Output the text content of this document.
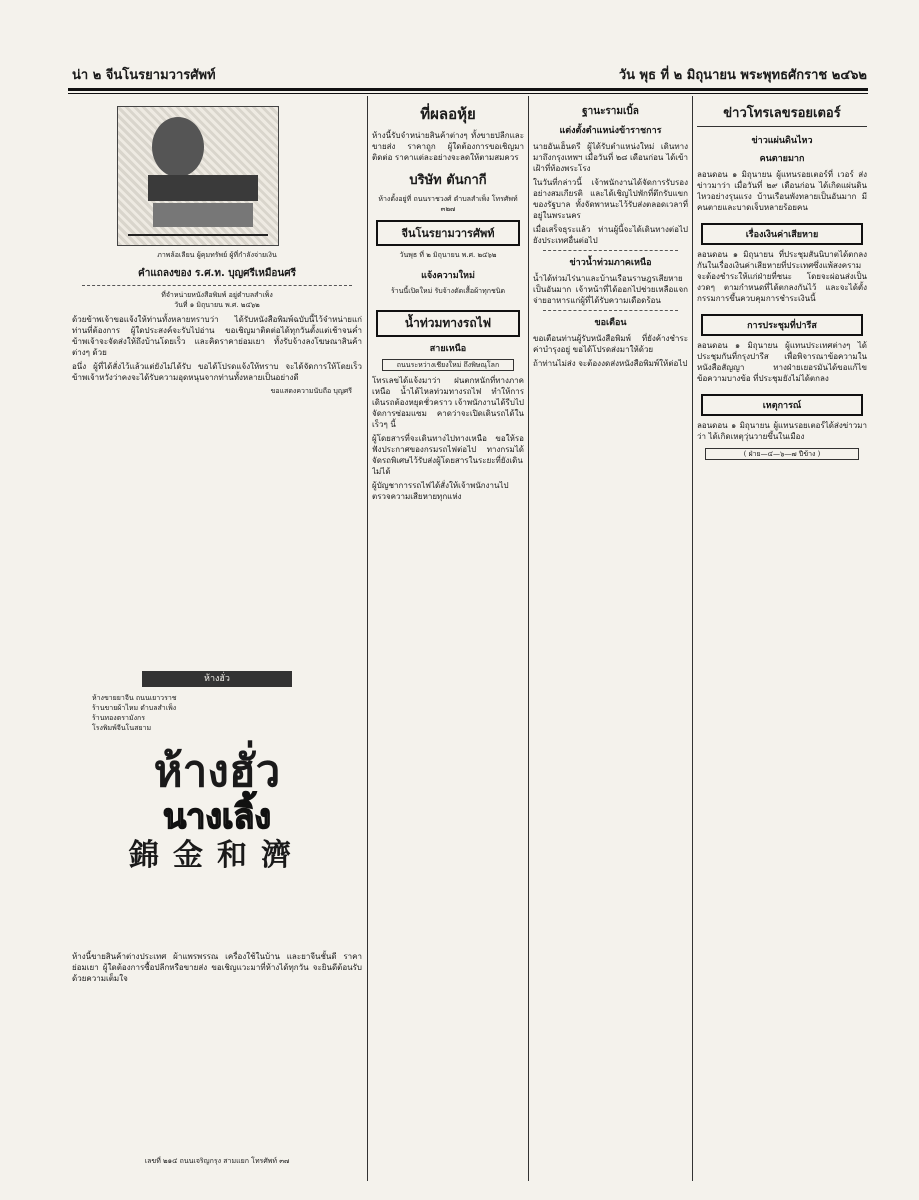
น่า ๒ จีนโนรยามวารศัพท์	วัน พุธ ที่ ๒ มิถุนายน พระพุทธศักราช ๒๔๖๒
ภาพล้อเลียน ผู้คุมทรัพย์ ผู้ที่กำลังจ่ายเงิน
คำแถลงของ ร.ศ.ท. บุญศรีเหมือนศรี
ที่จำหน่ายหนังสือพิมพ์ อยู่ตำบลสำเพ็ง
วันที่ ๑ มิถุนายน พ.ศ. ๒๔๖๒
ด้วยข้าพเจ้าขอแจ้งให้ท่านทั้งหลายทราบว่า ได้รับหนังสือพิมพ์ฉบับนี้ไว้จำหน่ายแก่ท่านที่ต้องการ ผู้ใดประสงค์จะรับไปอ่าน ขอเชิญมาติดต่อได้ทุกวันตั้งแต่เช้าจนค่ำ ข้าพเจ้าจะจัดส่งให้ถึงบ้านโดยเร็ว และคิดราคาย่อมเยา ทั้งรับจ้างลงโฆษณาสินค้าต่างๆ ด้วย
อนึ่ง ผู้ที่ได้สั่งไว้แล้วแต่ยังไม่ได้รับ ขอได้โปรดแจ้งให้ทราบ จะได้จัดการให้โดยเร็ว ข้าพเจ้าหวังว่าคงจะได้รับความอุดหนุนจากท่านทั้งหลายเป็นอย่างดี
ขอแสดงความนับถือ บุญศรี
ห้างฮั่ว
ห้างขายยาจีน ถนนเยาวราช
ร้านขายผ้าไหม ตำบลสำเพ็ง
ร้านทองตรามังกร
โรงพิมพ์จีนโนสยาม
ห้างฮั่ว
นางเลิ้ง
錦金和濟
ห้างนี้ขายสินค้าต่างประเทศ ผ้าแพรพรรณ เครื่องใช้ในบ้าน และยาจีนชั้นดี ราคาย่อมเยา ผู้ใดต้องการซื้อปลีกหรือขายส่ง ขอเชิญแวะมาที่ห้างได้ทุกวัน จะยินดีต้อนรับด้วยความเต็มใจ
เลขที่ ๒๑๔ ถนนเจริญกรุง สามแยก โทรศัพท์ ๓๗
ที่ผลอหุ้ย
ห้างนี้รับจำหน่ายสินค้าต่างๆ ทั้งขายปลีกและขายส่ง ราคาถูก ผู้ใดต้องการขอเชิญมาติดต่อ ราคาแต่ละอย่างจะลดให้ตามสมควร
บริษัท ตันกากี
ห้างตั้งอยู่ที่ ถนนราชวงศ์ ตำบลสำเพ็ง โทรศัพท์ ๓๒๗
จีนโนรยามวารศัพท์
วันพุธ ที่ ๒ มิถุนายน พ.ศ. ๒๔๖๒
แจ้งความใหม่
ร้านนี้เปิดใหม่ รับจ้างตัดเสื้อผ้าทุกชนิด
น้ำท่วมทางรถไฟ
สายเหนือ
ถนนระหว่างเชียงใหม่ ถึงพิษณุโลก
โทรเลขได้แจ้งมาว่า ฝนตกหนักที่ทางภาคเหนือ น้ำได้ไหลท่วมทางรถไฟ ทำให้การเดินรถต้องหยุดชั่วคราว เจ้าพนักงานได้รีบไปจัดการซ่อมแซม คาดว่าจะเปิดเดินรถได้ในเร็วๆ นี้
ผู้โดยสารที่จะเดินทางไปทางเหนือ ขอให้รอฟังประกาศของกรมรถไฟต่อไป ทางกรมได้จัดรถพิเศษไว้รับส่งผู้โดยสารในระยะที่ยังเดินไม่ได้
ผู้บัญชาการรถไฟได้สั่งให้เจ้าพนักงานไปตรวจความเสียหายทุกแห่ง
ฐานะรามเบิ้ล
แต่งตั้งตำแหน่งข้าราชการ
นายอันเฮ็นดรี ผู้ได้รับตำแหน่งใหม่ เดินทางมาถึงกรุงเทพฯ เมื่อวันที่ ๒๘ เดือนก่อน ได้เข้าเฝ้าที่ท้องพระโรง
ในวันที่กล่าวนี้ เจ้าพนักงานได้จัดการรับรองอย่างสมเกียรติ และได้เชิญไปพักที่ตึกรับแขกของรัฐบาล ทั้งจัดพาหนะไว้รับส่งตลอดเวลาที่อยู่ในพระนคร
เมื่อเสร็จธุระแล้ว ท่านผู้นี้จะได้เดินทางต่อไปยังประเทศอื่นต่อไป
ข่าวน้ำท่วมภาคเหนือ
น้ำได้ท่วมไร่นาและบ้านเรือนราษฎรเสียหายเป็นอันมาก เจ้าหน้าที่ได้ออกไปช่วยเหลือแจกจ่ายอาหารแก่ผู้ที่ได้รับความเดือดร้อน
ขอเตือน
ขอเตือนท่านผู้รับหนังสือพิมพ์ ที่ยังค้างชำระค่าบำรุงอยู่ ขอได้โปรดส่งมาให้ด้วย
ถ้าท่านไม่ส่ง จะต้องงดส่งหนังสือพิมพ์ให้ต่อไป
ข่าวโทรเลขรอยเตอร์
ข่าวแผ่นดินไหว
คนตายมาก
ลอนดอน ๑ มิถุนายน ผู้แทนรอยเตอร์ที่ เวอร์ ส่งข่าวมาว่า เมื่อวันที่ ๒๙ เดือนก่อน ได้เกิดแผ่นดินไหวอย่างรุนแรง บ้านเรือนพังทลายเป็นอันมาก มีคนตายและบาดเจ็บหลายร้อยคน
เรื่องเงินค่าเสียหาย
ลอนดอน ๑ มิถุนายน ที่ประชุมสันนิบาตได้ตกลงกันในเรื่องเงินค่าเสียหายที่ประเทศซึ่งแพ้สงครามจะต้องชำระให้แก่ฝ่ายที่ชนะ โดยจะผ่อนส่งเป็นงวดๆ ตามกำหนดที่ได้ตกลงกันไว้ และจะได้ตั้งกรรมการขึ้นควบคุมการชำระเงินนี้
การประชุมที่ปารีส
ลอนดอน ๑ มิถุนายน ผู้แทนประเทศต่างๆ ได้ประชุมกันที่กรุงปารีส เพื่อพิจารณาข้อความในหนังสือสัญญา ทางฝ่ายเยอรมันได้ขอแก้ไขข้อความบางข้อ ที่ประชุมยังไม่ได้ตกลง
เหตุการณ์
ลอนดอน ๑ มิถุนายน ผู้แทนรอยเตอร์ได้ส่งข่าวมาว่า ได้เกิดเหตุวุ่นวายขึ้นในเมือง
( ฝ่าย—๔—๖—๗ ปีข้าง )
